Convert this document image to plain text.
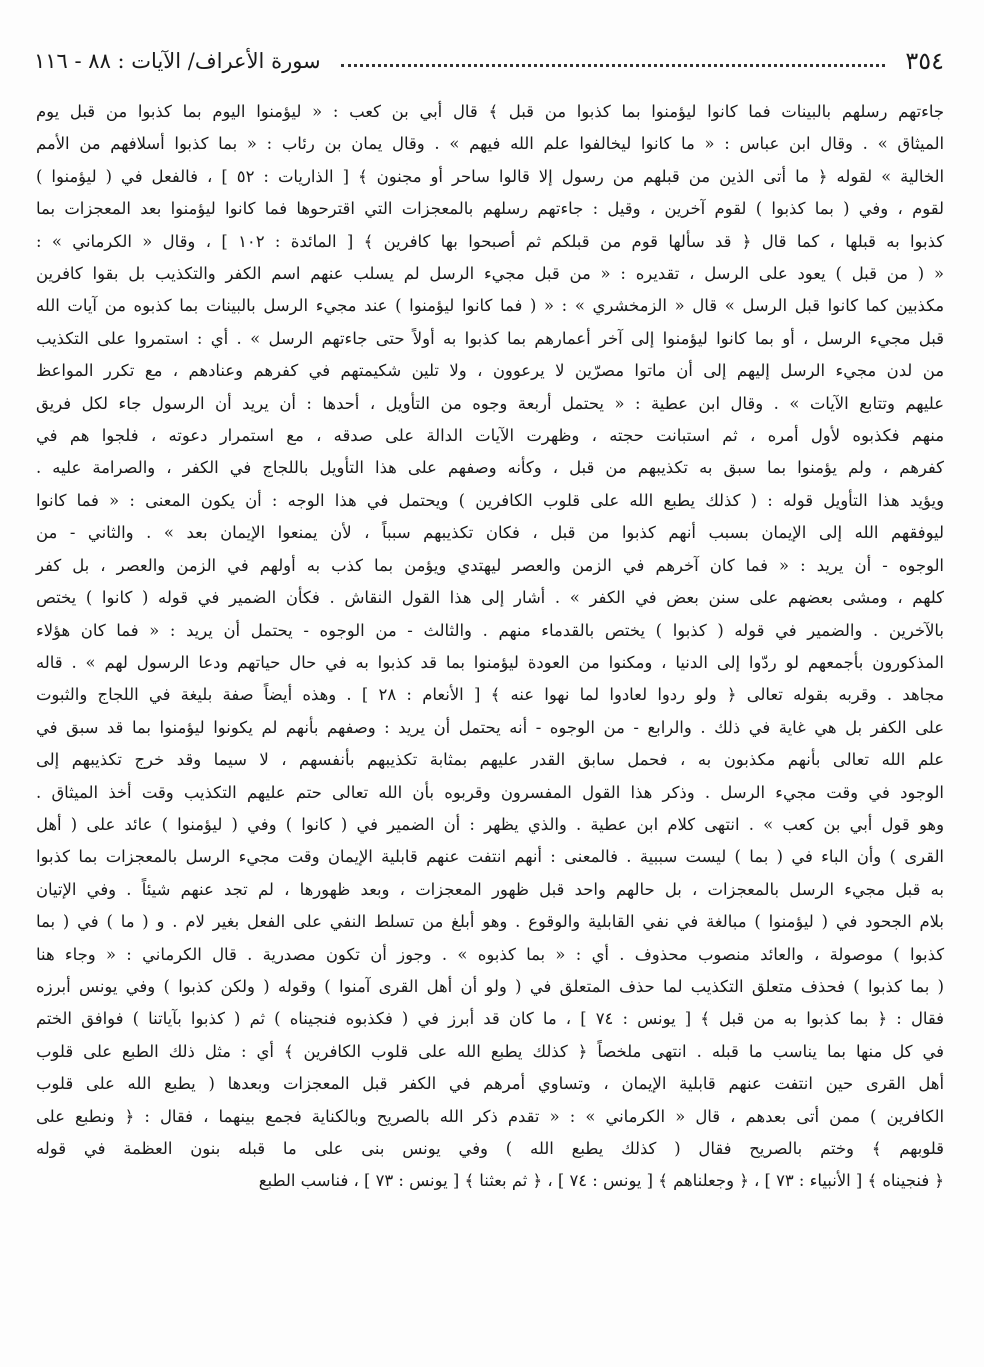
٣٥٤
سورة الأعراف/ الآيات : ٨٨ - ١١٦

جاءتهم رسلهم بالبينات فما كانوا ليؤمنوا بما كذبوا من قبل ﴾ قال أبي بن كعب : « ليؤمنوا اليوم بما كذبوا من قبل يوم

الميثاق » . وقال ابن عباس : « ما كانوا ليخالفوا علم الله فيهم » . وقال يمان بن رئاب : « بما كذبوا أسلافهم من الأمم

الخالية » لقوله ﴿ ما أتى الذين من قبلهم من رسول إلا قالوا ساحر أو مجنون ﴾ [ الذاريات : ٥٢ ] ، فالفعل في ( ليؤمنوا )

لقوم ، وفي ( بما كذبوا ) لقوم آخرين ، وقيل : جاءتهم رسلهم بالمعجزات التي اقترحوها فما كانوا ليؤمنوا بعد المعجزات بما

كذبوا به قبلها ، كما قال ﴿ قد سألها قوم من قبلكم ثم أصبحوا بها كافرين ﴾ [ المائدة : ١٠٢ ] ، وقال « الكرماني » :

« ( من قبل ) يعود على الرسل ، تقديره : « من قبل مجيء الرسل لم يسلب عنهم اسم الكفر والتكذيب بل بقوا كافرين

مكذبين كما كانوا قبل الرسل » قال « الزمخشري » : « ( فما كانوا ليؤمنوا ) عند مجيء الرسل بالبينات بما كذبوه من آيات الله

قبل مجيء الرسل ، أو بما كانوا ليؤمنوا إلى آخر أعمارهم بما كذبوا به أولاً حتى جاءتهم الرسل » . أي : استمروا على التكذيب

من لدن مجيء الرسل إليهم إلى أن ماتوا مصرّين لا يرعوون ، ولا تلين شكيمتهم في كفرهم وعنادهم ، مع تكرر المواعظ

عليهم وتتابع الآيات » . وقال ابن عطية : « يحتمل أربعة وجوه من التأويل ، أحدها : أن يريد أن الرسول جاء لكل فريق

منهم فكذبوه لأول أمره ، ثم استبانت حجته ، وظهرت الآيات الدالة على صدقه ، مع استمرار دعوته ، فلجوا هم في

كفرهم ، ولم يؤمنوا بما سبق به تكذيبهم من قبل ، وكأنه وصفهم على هذا التأويل باللجاج في الكفر ، والصرامة عليه .

ويؤيد هذا التأويل قوله : ( كذلك يطبع الله على قلوب الكافرين ) ويحتمل في هذا الوجه : أن يكون المعنى : « فما كانوا

ليوفقهم الله إلى الإيمان بسبب أنهم كذبوا من قبل ، فكان تكذيبهم سبباً ، لأن يمنعوا الإيمان بعد » . والثاني - من

الوجوه - أن يريد : « فما كان آخرهم في الزمن والعصر ليهتدي ويؤمن بما كذب به أولهم في الزمن والعصر ، بل كفر

كلهم ، ومشى بعضهم على سنن بعض في الكفر » . أشار إلى هذا القول النقاش . فكأن الضمير في قوله ( كانوا ) يختص

بالآخرين . والضمير في قوله ( كذبوا ) يختص بالقدماء منهم . والثالث - من الوجوه - يحتمل أن يريد : « فما كان هؤلاء

المذكورون بأجمعهم لو ردّوا إلى الدنيا ، ومكنوا من العودة ليؤمنوا بما قد كذبوا به في حال حياتهم ودعا الرسول لهم » . قاله

مجاهد . وقربه بقوله تعالى ﴿ ولو ردوا لعادوا لما نهوا عنه ﴾ [ الأنعام : ٢٨ ] . وهذه أيضاً صفة بليغة في اللجاج والثبوت

على الكفر بل هي غاية في ذلك . والرابع - من الوجوه - أنه يحتمل أن يريد : وصفهم بأنهم لم يكونوا ليؤمنوا بما قد سبق في

علم الله تعالى بأنهم مكذبون به ، فحمل سابق القدر عليهم بمثابة تكذيبهم بأنفسهم ، لا سيما وقد خرج تكذيبهم إلى

الوجود في وقت مجيء الرسل . وذكر هذا القول المفسرون وقربوه بأن الله تعالى حتم عليهم التكذيب وقت أخذ الميثاق .

وهو قول أبي بن كعب » . انتهى كلام ابن عطية . والذي يظهر : أن الضمير في ( كانوا ) وفي ( ليؤمنوا ) عائد على ( أهل

القرى ) وأن الباء في ( بما ) ليست سببية . فالمعنى : أنهم انتفت عنهم قابلية الإيمان وقت مجيء الرسل بالمعجزات بما كذبوا

به قبل مجيء الرسل بالمعجزات ، بل حالهم واحد قبل ظهور المعجزات ، وبعد ظهورها ، لم تجد عنهم شيئاً . وفي الإتيان

بلام الجحود في ( ليؤمنوا ) مبالغة في نفي القابلية والوقوع . وهو أبلغ من تسلط النفي على الفعل بغير لام . و ( ما ) في ( بما

كذبوا ) موصولة ، والعائد منصوب محذوف . أي : « بما كذبوه » . وجوز أن تكون مصدرية . قال الكرماني : « وجاء هنا

( بما كذبوا ) فحذف متعلق التكذيب لما حذف المتعلق في ( ولو أن أهل القرى آمنوا ) وقوله ( ولكن كذبوا ) وفي يونس أبرزه

فقال : ﴿ بما كذبوا به من قبل ﴾ [ يونس : ٧٤ ] ، ما كان قد أبرز في ( فكذبوه فنجيناه ) ثم ( كذبوا بآياتنا ) فوافق الختم

في كل منها بما يناسب ما قبله . انتهى ملخصاً ﴿ كذلك يطبع الله على قلوب الكافرين ﴾ أي : مثل ذلك الطبع على قلوب

أهل القرى حين انتفت عنهم قابلية الإيمان ، وتساوي أمرهم في الكفر قبل المعجزات وبعدها ( يطبع الله على قلوب

الكافرين ) ممن أتى بعدهم ، قال « الكرماني » : « تقدم ذكر الله بالصريح وبالكناية فجمع بينهما ، فقال : ﴿ ونطبع على

قلوبهم ﴾ وختم بالصريح فقال ( كذلك يطبع الله ) وفي يونس بنى على ما قبله بنون العظمة في قوله

﴿ فنجيناه ﴾ [ الأنبياء : ٧٣ ] ، ﴿ وجعلناهم ﴾ [ يونس : ٧٤ ] ، ﴿ ثم بعثنا ﴾ [ يونس : ٧٣ ] ، فناسب الطبع
